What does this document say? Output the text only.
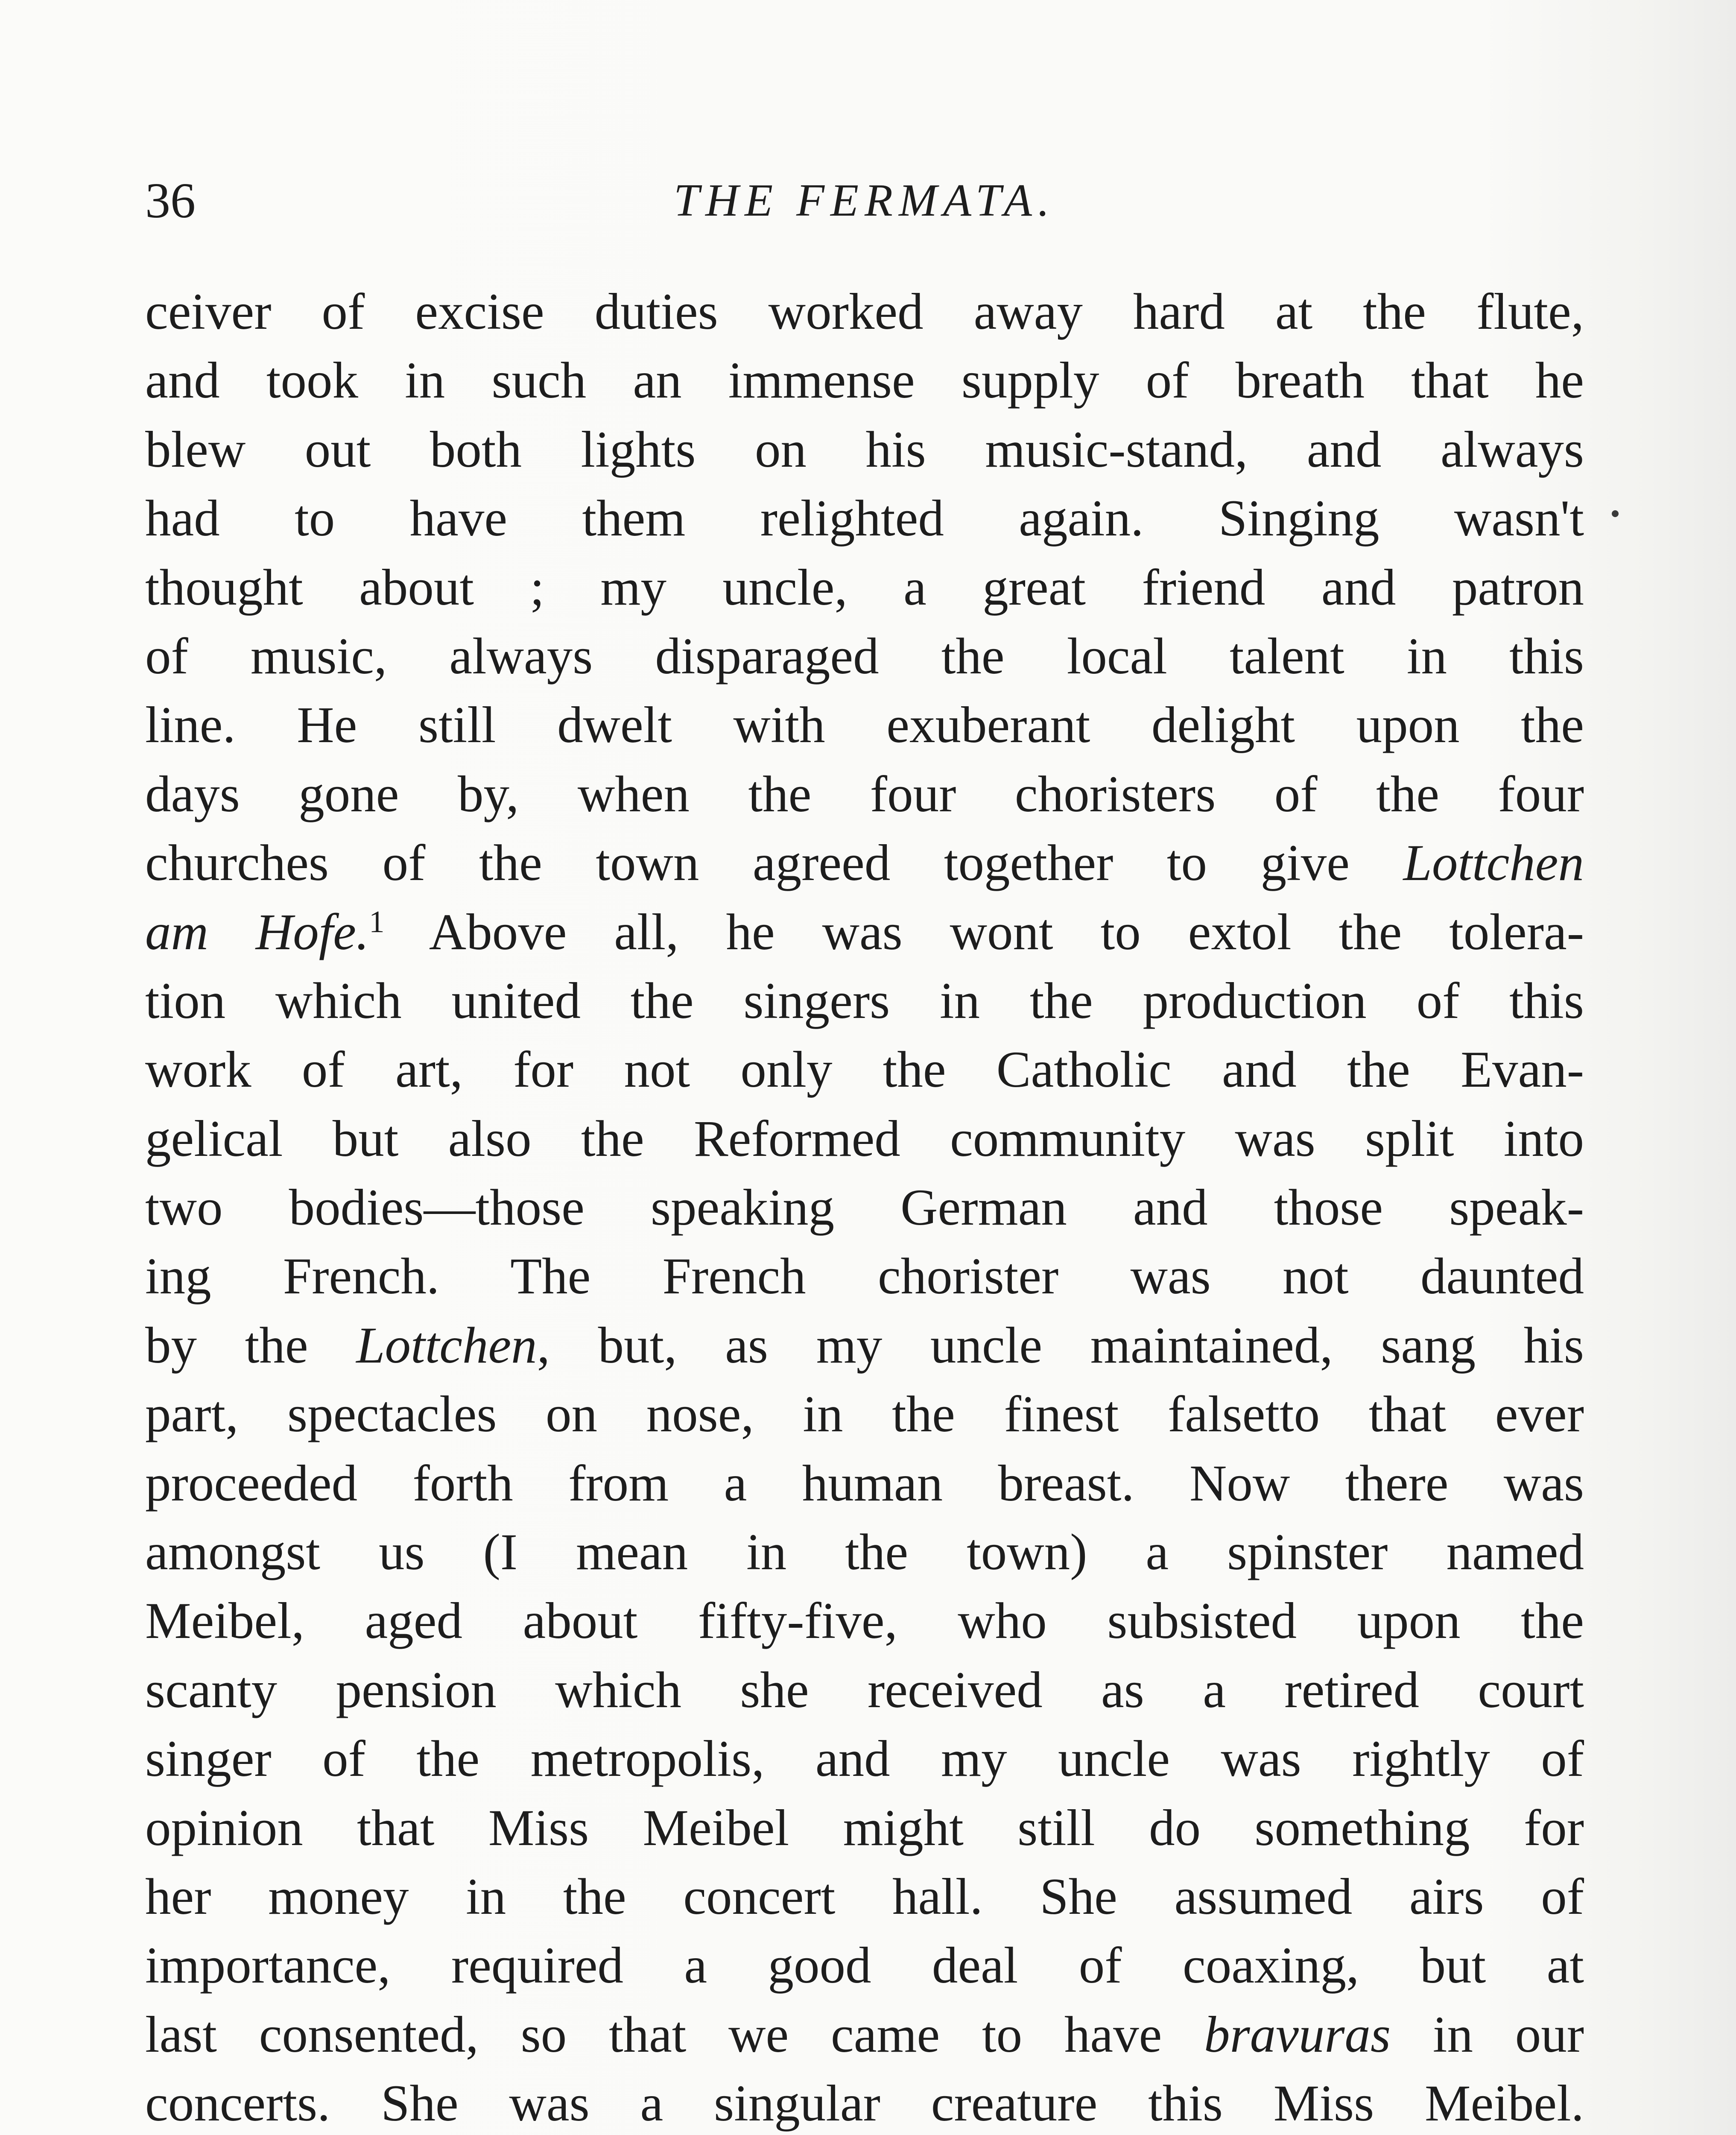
36	THE FERMATA.
ceiver of excise duties worked away hard at the flute,
and took in such an immense supply of breath that he
blew out both lights on his music-stand, and always
had to have them relighted again. Singing wasn't
thought about ; my uncle, a great friend and patron
of music, always disparaged the local talent in this
line. He still dwelt with exuberant delight upon the
days gone by, when the four choristers of the four
churches of the town agreed together to give Lottchen
am Hofe.$^1$ Above all, he was wont to extol the tolera-
tion which united the singers in the production of this
work of art, for not only the Catholic and the Evan-
gelical but also the Reformed community was split into
two bodies—those speaking German and those speak-
ing French. The French chorister was not daunted
by the Lottchen, but, as my uncle maintained, sang his
part, spectacles on nose, in the finest falsetto that ever
proceeded forth from a human breast. Now there was
amongst us (I mean in the town) a spinster named
Meibel, aged about fifty-five, who subsisted upon the
scanty pension which she received as a retired court
singer of the metropolis, and my uncle was rightly of
opinion that Miss Meibel might still do something for
her money in the concert hall. She assumed airs of
importance, required a good deal of coaxing, but at
last consented, so that we came to have bravuras in our
concerts. She was a singular creature this Miss Meibel.
